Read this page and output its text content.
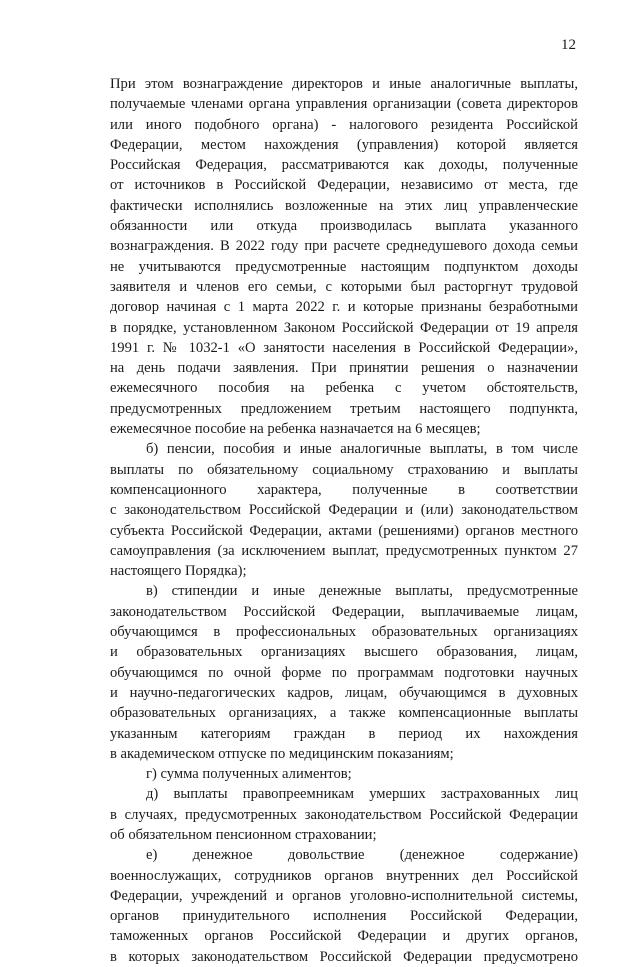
12
При этом вознаграждение директоров и иные аналогичные выплаты,
получаемые членами органа управления организации (совета директоров
или иного подобного органа) - налогового резидента Российской
Федерации, местом нахождения (управления) которой является
Российская Федерация, рассматриваются как доходы, полученные
от источников в Российской Федерации, независимо от места, где
фактически исполнялись возложенные на этих лиц управленческие
обязанности или откуда производилась выплата указанного
вознаграждения. В 2022 году при расчете среднедушевого дохода семьи
не учитываются предусмотренные настоящим подпунктом доходы
заявителя и членов его семьи, с которыми был расторгнут трудовой
договор начиная с 1 марта 2022 г. и которые признаны безработными
в порядке, установленном Законом Российской Федерации от 19 апреля
1991 г. № 1032-1 «О занятости населения в Российской Федерации»,
на день подачи заявления. При принятии решения о назначении
ежемесячного пособия на ребенка с учетом обстоятельств,
предусмотренных предложением третьим настоящего подпункта,
ежемесячное пособие на ребенка назначается на 6 месяцев;
б) пенсии, пособия и иные аналогичные выплаты, в том числе
выплаты по обязательному социальному страхованию и выплаты
компенсационного характера, полученные в соответствии
с законодательством Российской Федерации и (или) законодательством
субъекта Российской Федерации, актами (решениями) органов местного
самоуправления (за исключением выплат, предусмотренных пунктом 27
настоящего Порядка);
в) стипендии и иные денежные выплаты, предусмотренные
законодательством Российской Федерации, выплачиваемые лицам,
обучающимся в профессиональных образовательных организациях
и образовательных организациях высшего образования, лицам,
обучающимся по очной форме по программам подготовки научных
и научно-педагогических кадров, лицам, обучающимся в духовных
образовательных организациях, а также компенсационные выплаты
указанным категориям граждан в период их нахождения
в академическом отпуске по медицинским показаниям;
г) сумма полученных алиментов;
д) выплаты правопреемникам умерших застрахованных лиц
в случаях, предусмотренных законодательством Российской Федерации
об обязательном пенсионном страховании;
е) денежное довольствие (денежное содержание)
военнослужащих, сотрудников органов внутренних дел Российской
Федерации, учреждений и органов уголовно-исполнительной системы,
органов принудительного исполнения Российской Федерации,
таможенных органов Российской Федерации и других органов,
в которых законодательством Российской Федерации предусмотрено
